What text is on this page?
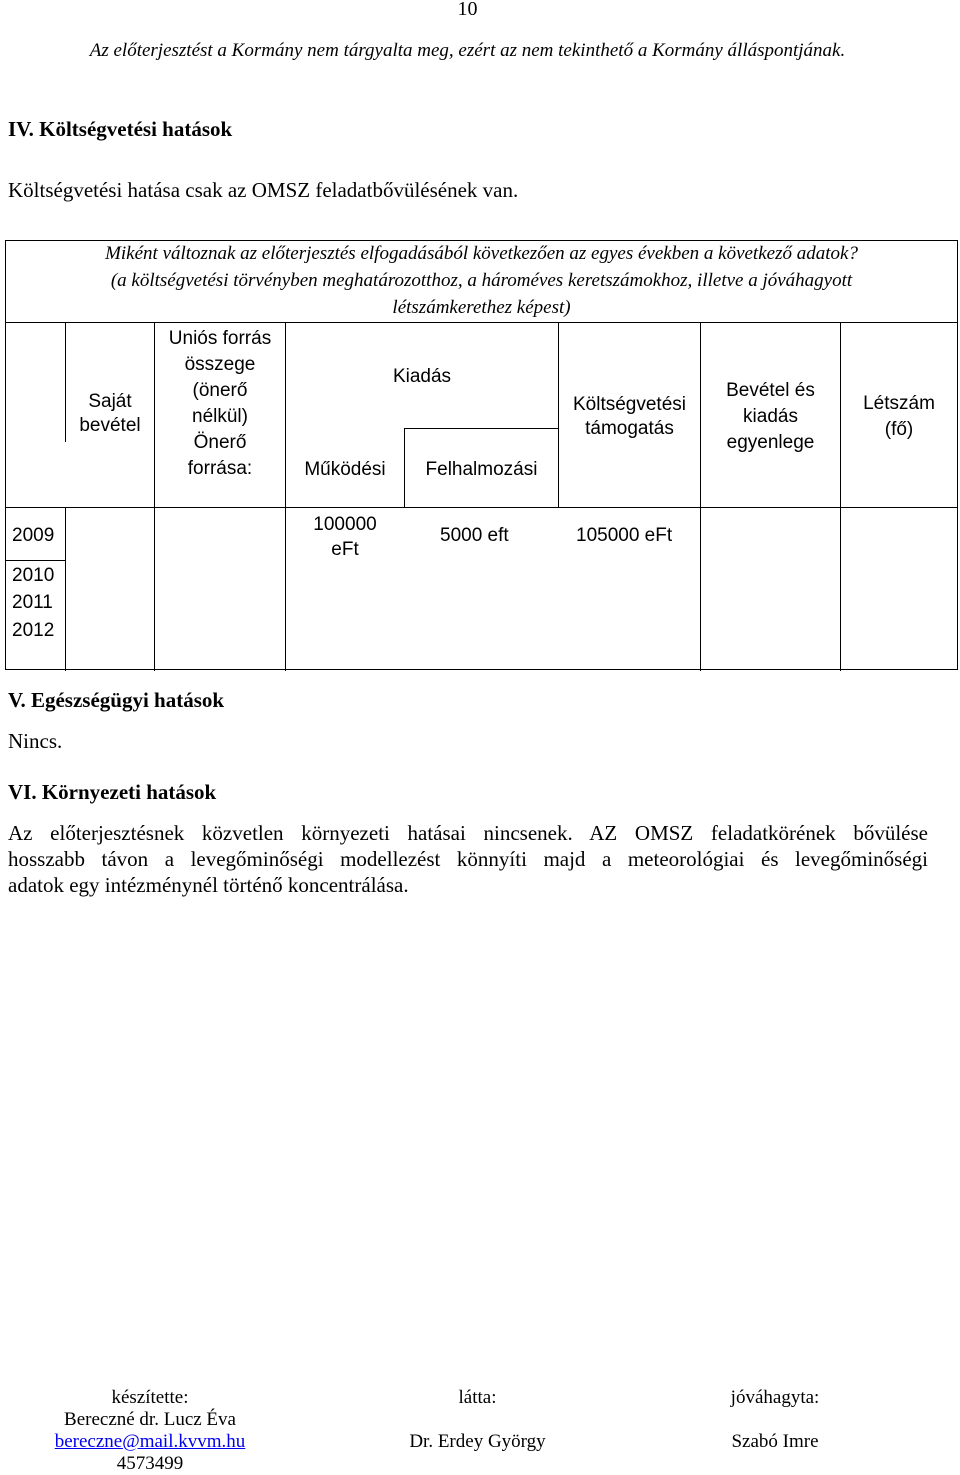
10
Az előterjesztést a Kormány nem tárgyalta meg, ezért az nem tekinthető a Kormány álláspontjának.
IV. Költségvetési hatások
Költségvetési hatása csak az OMSZ feladatbővülésének van.
Miként változnak az előterjesztés elfogadásából következően az egyes években a következő adatok?
(a költségvetési törvényben meghatározotthoz, a hároméves keretszámokhoz, illetve a jóváhagyott
létszámkerethez képest)
Saját
bevétel
Uniós forrás
összege
(önerő
nélkül)
Önerő
forrása:
Kiadás
Működési	Felhalmozási
Költségvetési
támogatás
Bevétel és
kiadás
egyenlege
Létszám
(fő)
2009
100000
eFt
5000 eft	105000 eFt
2010
2011
2012
V. Egészségügyi hatások
Nincs.
VI. Környezeti hatások
Az előterjesztésnek közvetlen környezeti hatásai nincsenek. AZ OMSZ feladatkörének bővülése
hosszabb távon a levegőminőségi modellezést könnyíti majd a meteorológiai és levegőminőségi
adatok egy intézménynél történő koncentrálása.
készítette:
Bereczné dr. Lucz Éva
bereczne@mail.kvvm.hu
4573499
látta:
Dr. Erdey György
jóváhagyta:
Szabó Imre
